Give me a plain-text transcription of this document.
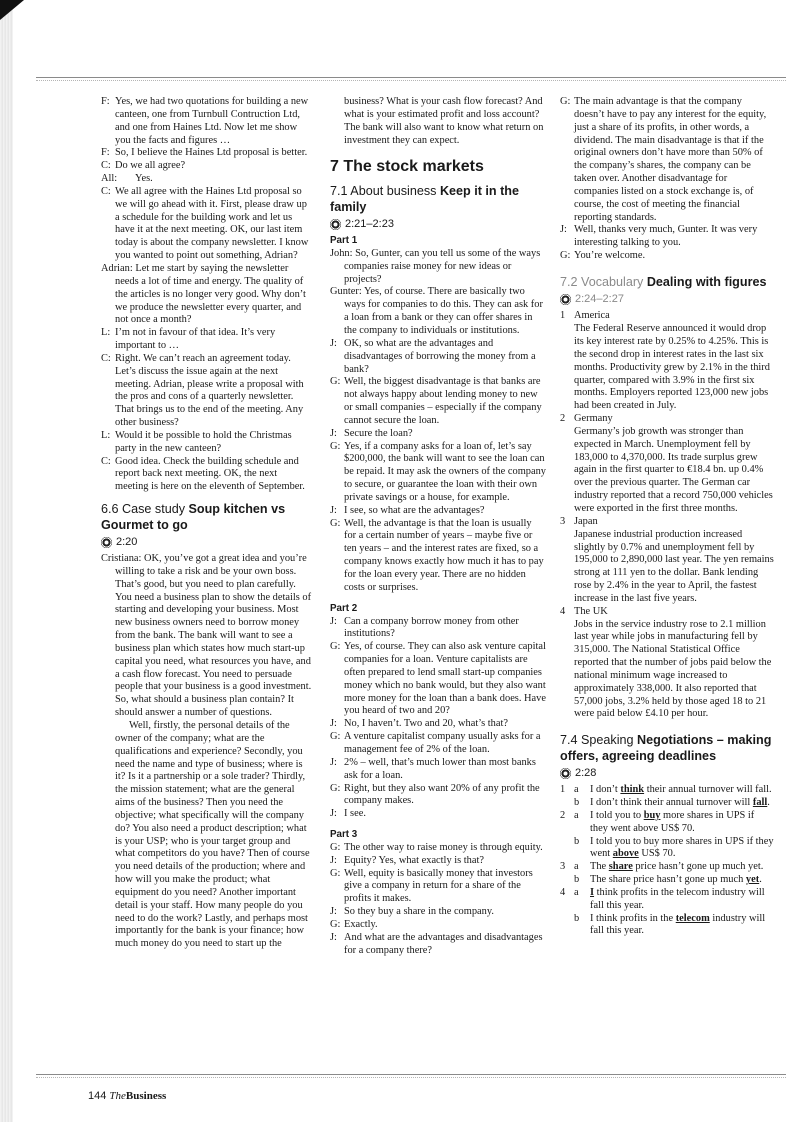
F: Yes, we had two quotations for building a new canteen, one from Turnbull Contruction Ltd, and one from Haines Ltd. Now let me show you the facts and figures …
F: So, I believe the Haines Ltd proposal is better.
C: Do we all agree?
All: Yes.
C: We all agree with the Haines Ltd proposal so we will go ahead with it. First, please draw up a schedule for the building work and let us have it at the next meeting. OK, our last item today is about the company newsletter. I know you wanted to point out something, Adrian?
Adrian: Let me start by saying the newsletter needs a lot of time and energy. The quality of the articles is no longer very good. Why don’t we produce the newsletter every quarter, and not once a month?
L: I’m not in favour of that idea. It’s very important to …
C: Right. We can’t reach an agreement today. Let’s discuss the issue again at the next meeting. Adrian, please write a proposal with the pros and cons of a quarterly newsletter. That brings us to the end of the meeting. Any other business?
L: Would it be possible to hold the Christmas party in the new canteen?
C: Good idea. Check the building schedule and report back next meeting. OK, the next meeting is here on the eleventh of September.
6.6 Case study Soup kitchen vs Gourmet to go
2:20
Cristiana: OK, you’ve got a great idea and you’re willing to take a risk and be your own boss. That’s good, but you need to plan carefully. You need a business plan to show the details of starting and developing your business. Most new business owners need to borrow money from the bank. The bank will want to see a business plan which states how much start-up capital you need, what resources you have, and a cash flow forecast. You need to persuade people that your business is a good investment. So, what should a business plan contain? It should answer a number of questions.
Well, firstly, the personal details of the owner of the company; what are the qualifications and experience? Secondly, you need the name and type of business; where is it? Is it a partnership or a sole trader? Thirdly, the mission statement; what are the general aims of the business? Then you need the objective; what specifically will the company do? You also need a product description; what is your USP; who is your target group and what competitors do you have? Then of course you need details of the production; where and how will you make the product; what equipment do you need? Another important detail is your staff. How many people do you need to do the work? Lastly, and perhaps most importantly for the bank is your finance; how much money do you need to start up the
business? What is your cash flow forecast? And what is your estimated profit and loss account? The bank will also want to know what return on investment they can expect.
7 The stock markets
7.1 About business Keep it in the family
2:21–2:23
Part 1
John: So, Gunter, can you tell us some of the ways companies raise money for new ideas or projects?
Gunter: Yes, of course. There are basically two ways for companies to do this. They can ask for a loan from a bank or they can offer shares in the company to individuals or institutions.
J: OK, so what are the advantages and disadvantages of borrowing the money from a bank?
G: Well, the biggest disadvantage is that banks are not always happy about lending money to new or small companies – especially if the company cannot secure the loan.
J: Secure the loan?
G: Yes, if a company asks for a loan of, let’s say $200,000, the bank will want to see the loan can be repaid. It may ask the owners of the company to secure, or guarantee the loan with their own private savings or a house, for example.
J: I see, so what are the advantages?
G: Well, the advantage is that the loan is usually for a certain number of years – maybe five or ten years – and the interest rates are fixed, so a company knows exactly how much it has to pay for the loan every year. There are no hidden costs or surprises.
Part 2
J: Can a company borrow money from other institutions?
G: Yes, of course. They can also ask venture capital companies for a loan. Venture capitalists are often prepared to lend small start-up companies money which no bank would, but they also want more money for the loan than a bank does. Have you heard of two and 20?
J: No, I haven’t. Two and 20, what’s that?
G: A venture capitalist company usually asks for a management fee of 2% of the loan.
J: 2% – well, that’s much lower than most banks ask for a loan.
G: Right, but they also want 20% of any profit the company makes.
J: I see.
Part 3
G: The other way to raise money is through equity.
J: Equity? Yes, what exactly is that?
G: Well, equity is basically money that investors give a company in return for a share of the profits it makes.
J: So they buy a share in the company.
G: Exactly.
J: And what are the advantages and disadvantages for a company there?
G: The main advantage is that the company doesn’t have to pay any interest for the equity, just a share of its profits, in other words, a dividend. The main disadvantage is that if the original owners don’t have more than 50% of the company’s shares, the company can be taken over. Another disadvantage for companies listed on a stock exchange is, of course, the cost of meeting the financial reporting standards.
J: Well, thanks very much, Gunter. It was very interesting talking to you.
G: You’re welcome.
7.2 Vocabulary Dealing with figures
2:24–2:27
1 America
The Federal Reserve announced it would drop its key interest rate by 0.25% to 4.25%. This is the second drop in interest rates in the last six months. Productivity grew by 2.1% in the third quarter, compared with 3.9% in the first six months. Employers reported 123,000 new jobs had been created in July.
2 Germany
Germany’s job growth was stronger than expected in March. Unemployment fell by 183,000 to 4,370,000. Its trade surplus grew again in the first quarter to €18.4 bn. up 0.4% over the previous quarter. The German car industry reported that a record 750,000 vehicles were exported in the first three months.
3 Japan
Japanese industrial production increased slightly by 0.7% and unemployment fell by 195,000 to 2,890,000 last year. The yen remains strong at 111 yen to the dollar. Bank lending rose by 2.4% in the year to April, the fastest increase in the last five years.
4 The UK
Jobs in the service industry rose to 2.1 million last year while jobs in manufacturing fell by 315,000. The National Statistical Office reported that the number of jobs paid below the national minimum wage increased to approximately 338,000. It also reported that 57,000 jobs, 3.2% held by those aged 18 to 21 were paid below £4.10 per hour.
7.4 Speaking Negotiations – making offers, agreeing deadlines
2:28
1 a I don’t think their annual turnover will fall.
b I don’t think their annual turnover will fall.
2 a I told you to buy more shares in UPS if they went above US$ 70.
b I told you to buy more shares in UPS if they went above US$ 70.
3 a The share price hasn’t gone up much yet.
b The share price hasn’t gone up much yet.
4 a I think profits in the telecom industry will fall this year.
b I think profits in the telecom industry will fall this year.
144 TheBusiness
